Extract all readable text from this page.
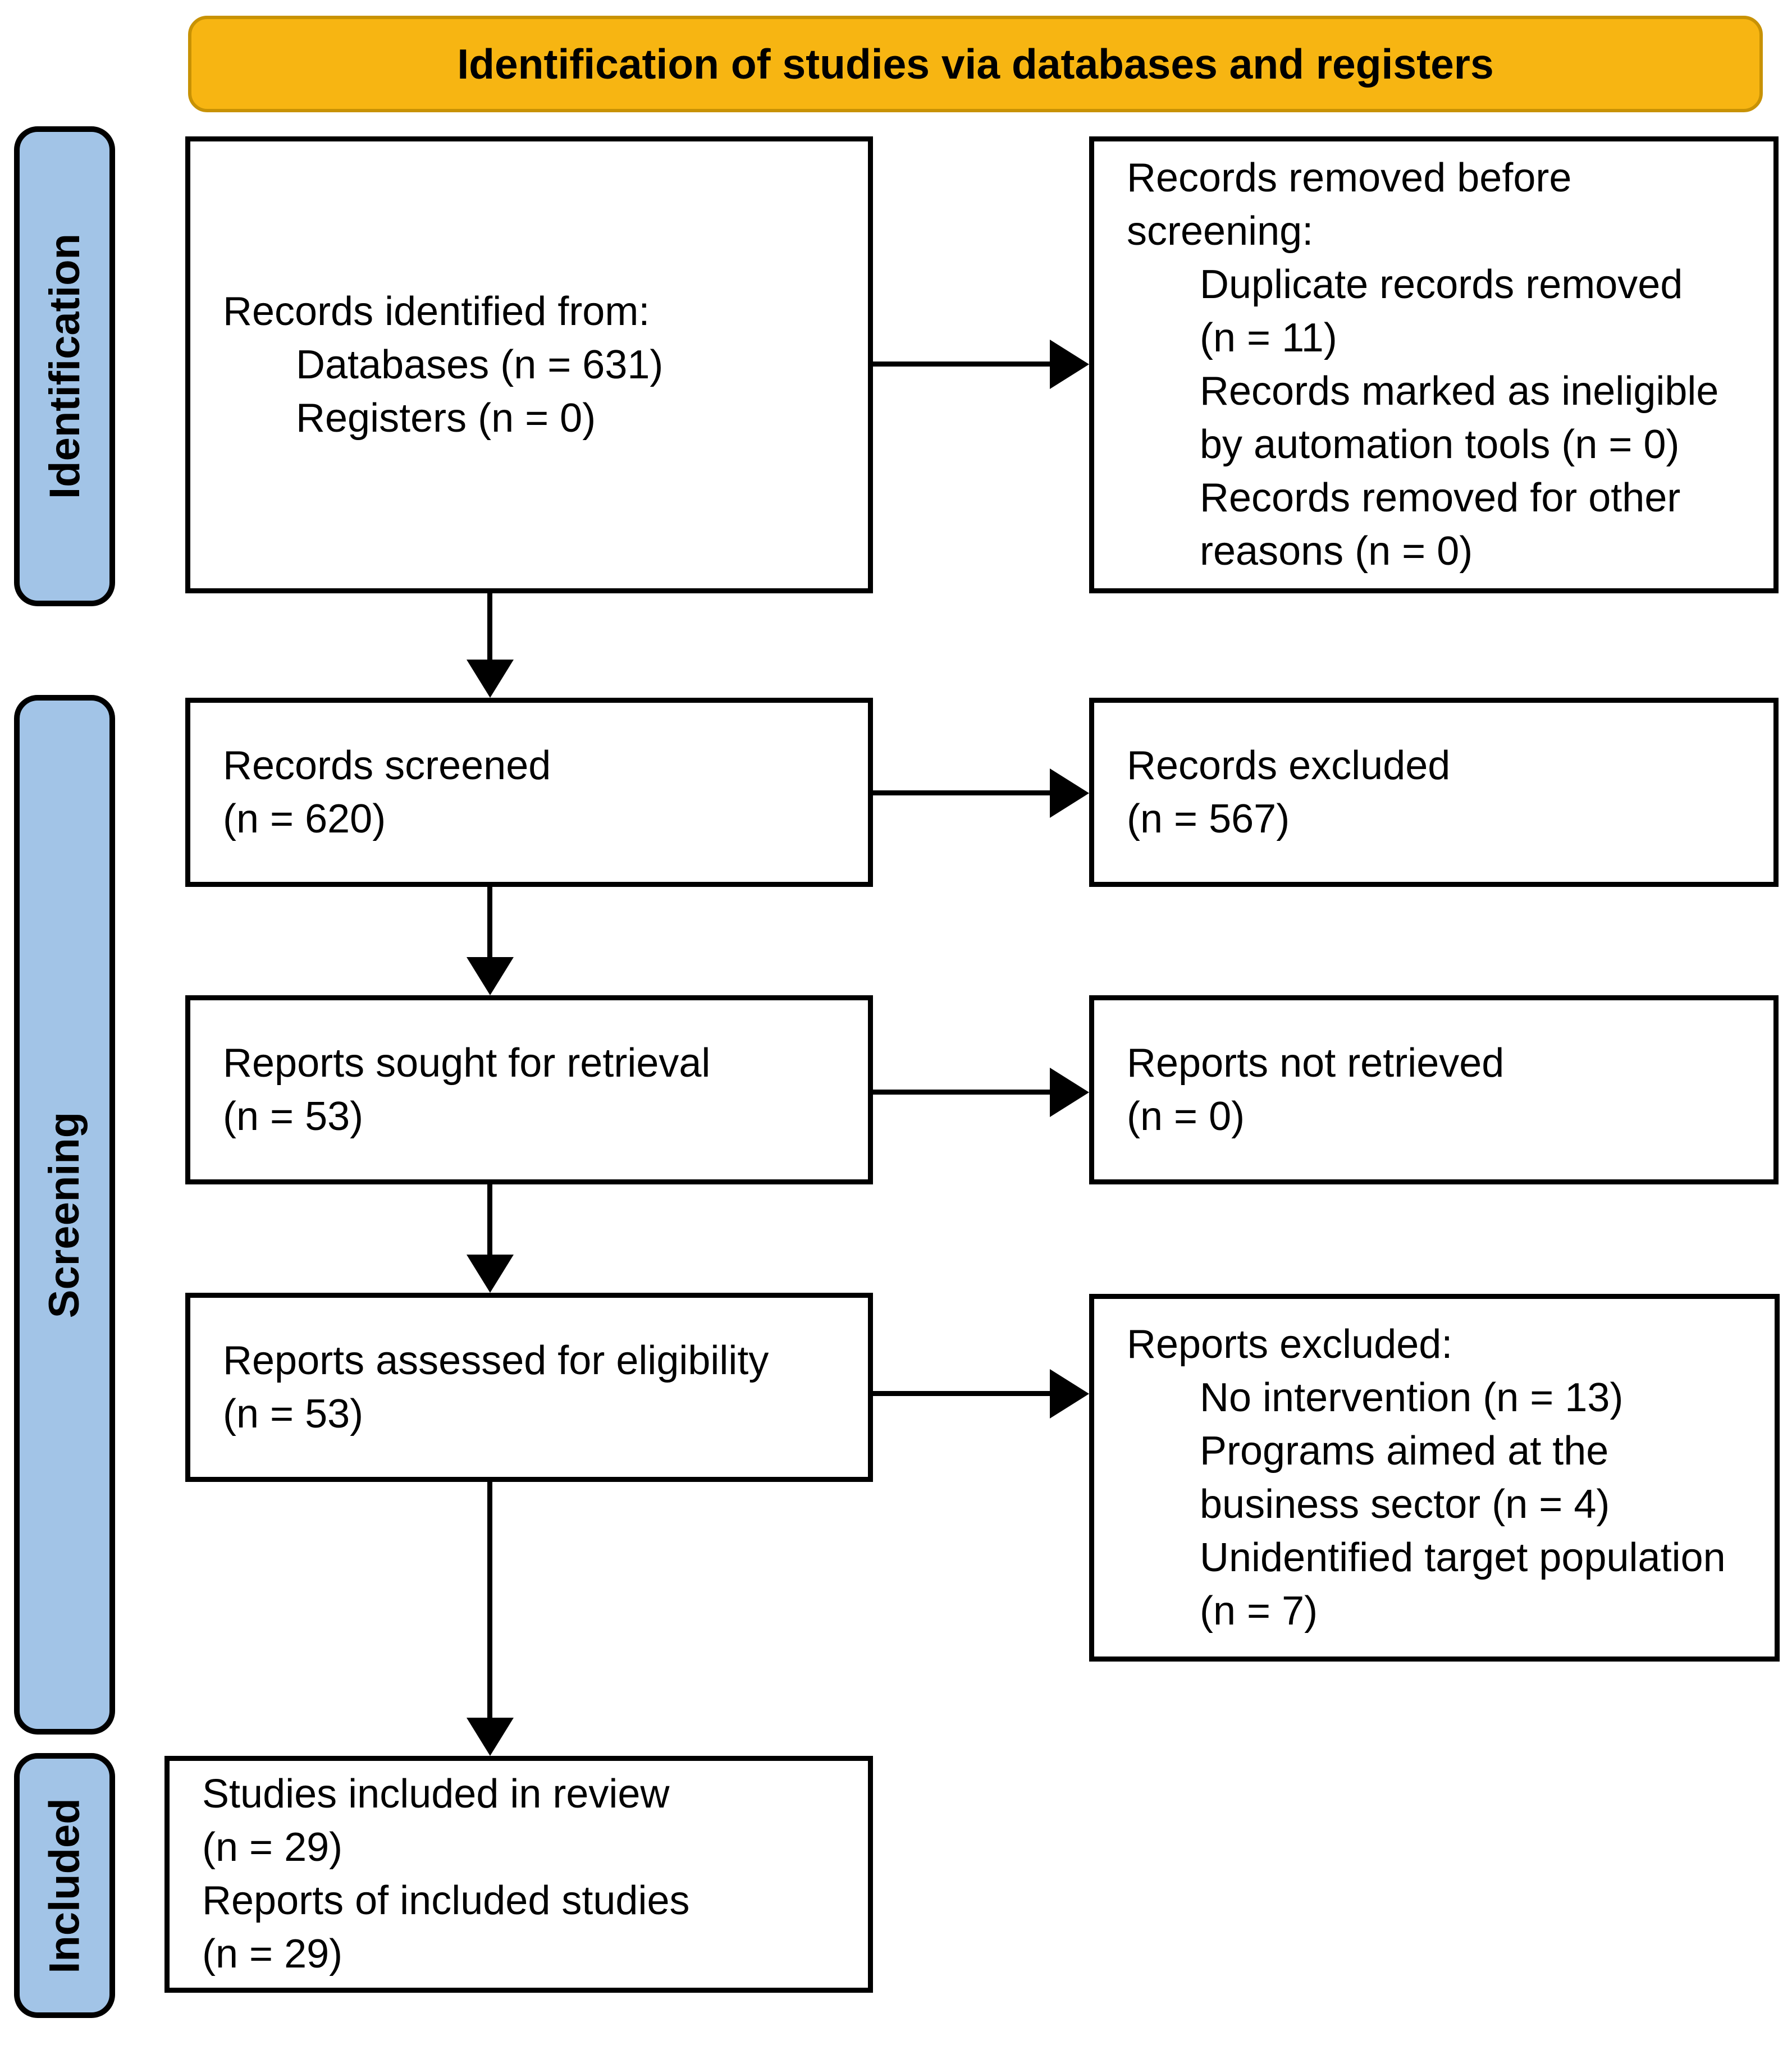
Identification of studies via databases and registers
Identification
Screening
Included
Records identified from:
Databases (n = 631)
Registers (n = 0)
Records removed before
screening:
Duplicate records removed
(n = 11)
Records marked as ineligible
by automation tools (n = 0)
Records removed for other
reasons (n = 0)
Records screened
(n = 620)
Records excluded
(n = 567)
Reports sought for retrieval
(n = 53)
Reports not retrieved
(n = 0)
Reports assessed for eligibility
(n = 53)
Reports excluded:
No intervention (n = 13)
Programs aimed at the
business sector (n = 4)
Unidentified target population
(n = 7)
Studies included in review
(n = 29)
Reports of included studies
(n = 29)
